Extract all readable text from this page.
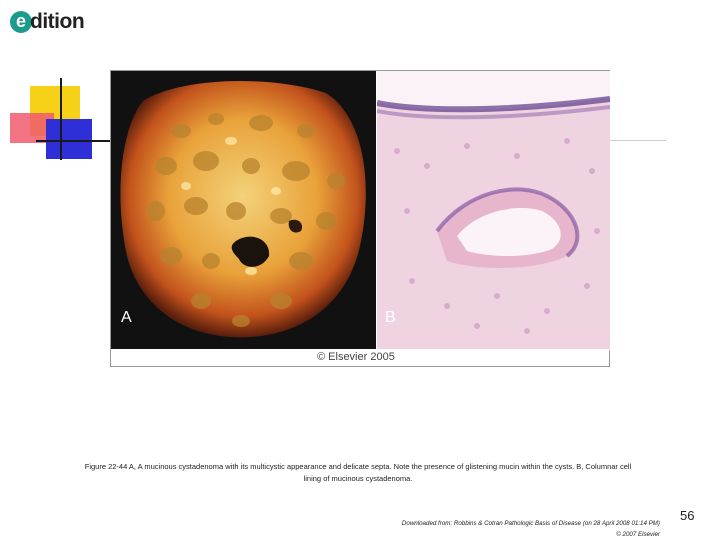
e dition
A	B
© Elsevier 2005
Figure 22-44 A, A mucinous cystadenoma with its multicystic appearance and delicate septa. Note the presence of glistening mucin within the cysts. B, Columnar cell
lining of mucinous cystadenoma.
Downloaded from: Robbins & Cotran Pathologic Basis of Disease (on 28 April 2008 01:14 PM)
© 2007 Elsevier
56
